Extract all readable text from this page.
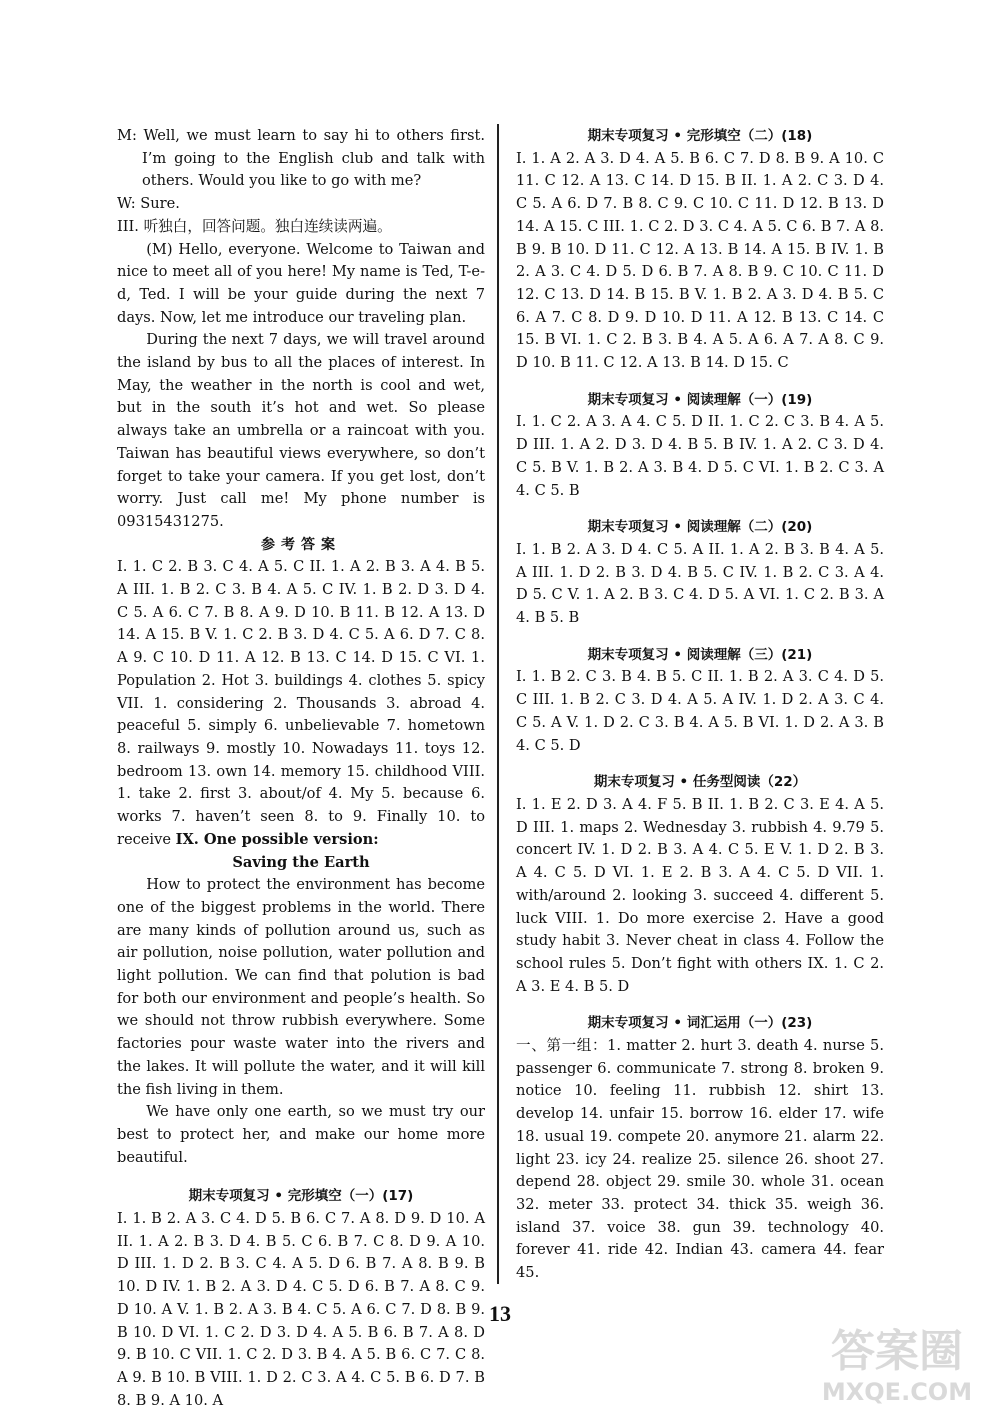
M: Well, we must learn to say hi to others first. I’m going to the English club and talk with others. Would you like to go with me?

W: Sure.

III. 听独白，回答问题。独白连续读两遍。

(M) Hello, everyone. Welcome to Taiwan and nice to meet all of you here! My name is Ted, T-e-d, Ted. I will be your guide during the next 7 days. Now, let me introduce our traveling plan.

During the next 7 days, we will travel around the island by bus to all the places of interest. In May, the weather in the north is cool and wet, but in the south it’s hot and wet. So please always take an umbrella or a raincoat with you. Taiwan has beautiful views everywhere, so don’t forget to take your camera. If you get lost, don’t worry. Just call me! My phone number is 09315431275.

参考答案

I. 1. C 2. B 3. C 4. A 5. C II. 1. A 2. B 3. A 4. B 5. A III. 1. B 2. C 3. B 4. A 5. C IV. 1. B 2. D 3. D 4. C 5. A 6. C 7. B 8. A 9. D 10. B 11. B 12. A 13. D 14. A 15. B V. 1. C 2. B 3. D 4. C 5. A 6. D 7. C 8. A 9. C 10. D 11. A 12. B 13. C 14. D 15. C VI. 1. Population 2. Hot 3. buildings 4. clothes 5. spicy VII. 1. considering 2. Thousands 3. abroad 4. peaceful 5. simply 6. unbelievable 7. hometown 8. railways 9. mostly 10. Nowadays 11. toys 12. bedroom 13. own 14. memory 15. childhood VIII. 1. take 2. first 3. about/of 4. My 5. because 6. works 7. haven’t seen 8. to 9. Finally 10. to receive IX. One possible version:

Saving the Earth

How to protect the environment has become one of the biggest problems in the world. There are many kinds of pollution around us, such as air pollution, noise pollution, water pollution and light pollution. We can find that polution is bad for both our environment and people’s health. So we should not throw rubbish everywhere. Some factories pour waste water into the rivers and the lakes. It will pollute the water, and it will kill the fish living in them.

We have only one earth, so we must try our best to protect her, and make our home more beautiful.

期末专项复习 • 完形填空（一）(17)

I. 1. B 2. A 3. C 4. D 5. B 6. C 7. A 8. D 9. D 10. A II. 1. A 2. B 3. D 4. B 5. C 6. B 7. C 8. D 9. A 10. D III. 1. D 2. B 3. C 4. A 5. D 6. B 7. A 8. B 9. B 10. D IV. 1. B 2. A 3. D 4. C 5. D 6. B 7. A 8. C 9. D 10. A V. 1. B 2. A 3. B 4. C 5. A 6. C 7. D 8. B 9. B 10. D VI. 1. C 2. D 3. D 4. A 5. B 6. B 7. A 8. D 9. B 10. C VII. 1. C 2. D 3. B 4. A 5. B 6. C 7. C 8. A 9. B 10. B VIII. 1. D 2. C 3. A 4. C 5. B 6. D 7. B 8. B 9. A 10. A

期末专项复习 • 完形填空（二）(18)

I. 1. A 2. A 3. D 4. A 5. B 6. C 7. D 8. B 9. A 10. C 11. C 12. A 13. C 14. D 15. B II. 1. A 2. C 3. D 4. C 5. A 6. D 7. B 8. C 9. C 10. C 11. D 12. B 13. D 14. A 15. C III. 1. C 2. D 3. C 4. A 5. C 6. B 7. A 8. B 9. B 10. D 11. C 12. A 13. B 14. A 15. B IV. 1. B 2. A 3. C 4. D 5. D 6. B 7. A 8. B 9. C 10. C 11. D 12. C 13. D 14. B 15. B V. 1. B 2. A 3. D 4. B 5. C 6. A 7. C 8. D 9. D 10. D 11. A 12. B 13. C 14. C 15. B VI. 1. C 2. B 3. B 4. A 5. A 6. A 7. A 8. C 9. D 10. B 11. C 12. A 13. B 14. D 15. C

期末专项复习 • 阅读理解（一）(19)

I. 1. C 2. A 3. A 4. C 5. D II. 1. C 2. C 3. B 4. A 5. D III. 1. A 2. D 3. D 4. B 5. B IV. 1. A 2. C 3. D 4. C 5. B V. 1. B 2. A 3. B 4. D 5. C VI. 1. B 2. C 3. A 4. C 5. B

期末专项复习 • 阅读理解（二）(20)

I. 1. B 2. A 3. D 4. C 5. A II. 1. A 2. B 3. B 4. A 5. A III. 1. D 2. B 3. D 4. B 5. C IV. 1. B 2. C 3. A 4. D 5. C V. 1. A 2. B 3. C 4. D 5. A VI. 1. C 2. B 3. A 4. B 5. B

期末专项复习 • 阅读理解（三）(21)

I. 1. B 2. C 3. B 4. B 5. C II. 1. B 2. A 3. C 4. D 5. C III. 1. B 2. C 3. D 4. A 5. A IV. 1. D 2. A 3. C 4. C 5. A V. 1. D 2. C 3. B 4. A 5. B VI. 1. D 2. A 3. B 4. C 5. D

期末专项复习 • 任务型阅读（22）

I. 1. E 2. D 3. A 4. F 5. B II. 1. B 2. C 3. E 4. A 5. D III. 1. maps 2. Wednesday 3. rubbish 4. 9.79 5. concert IV. 1. D 2. B 3. A 4. C 5. E V. 1. D 2. B 3. A 4. C 5. D VI. 1. E 2. B 3. A 4. C 5. D VII. 1. with/around 2. looking 3. succeed 4. different 5. luck VIII. 1. Do more exercise 2. Have a good study habit 3. Never cheat in class 4. Follow the school rules 5. Don’t fight with others IX. 1. C 2. A 3. E 4. B 5. D

期末专项复习 • 词汇运用（一）(23)

一、第一组：1. matter 2. hurt 3. death 4. nurse 5. passenger 6. communicate 7. strong 8. broken 9. notice 10. feeling 11. rubbish 12. shirt 13. develop 14. unfair 15. borrow 16. elder 17. wife 18. usual 19. compete 20. anymore 21. alarm 22. light 23. icy 24. realize 25. silence 26. shoot 27. depend 28. object 29. smile 30. whole 31. ocean 32. meter 33. protect 34. thick 35. weigh 36. island 37. voice 38. gun 39. technology 40. forever 41. ride 42. Indian 43. camera 44. fear 45.

13
答案圈
MXQE.COM
